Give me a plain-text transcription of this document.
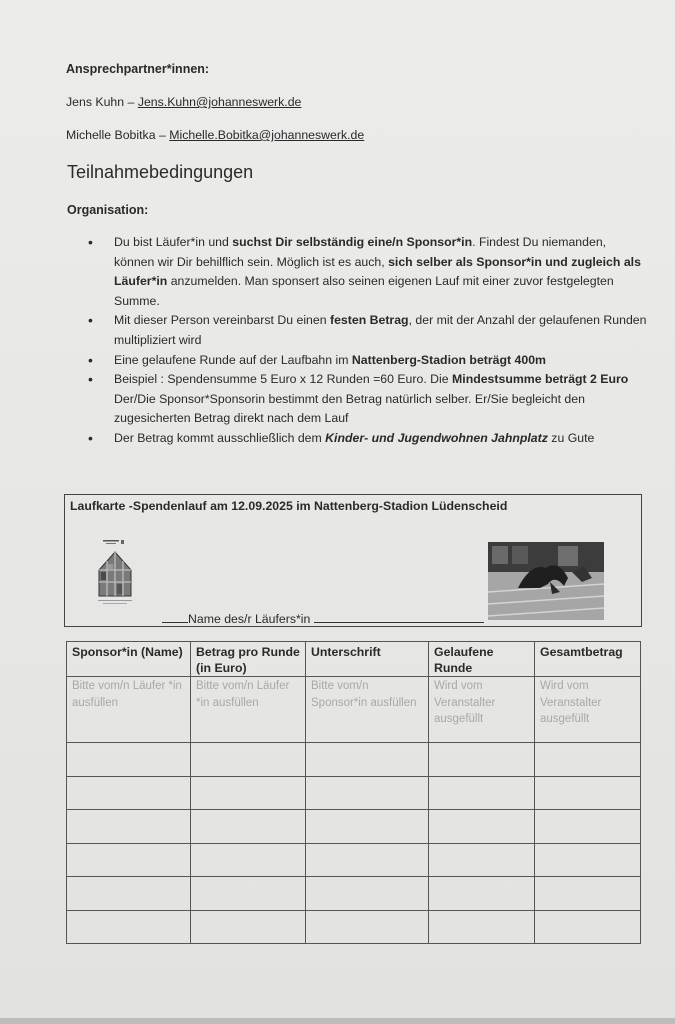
Ansprechpartner*innen:
Jens Kuhn – Jens.Kuhn@johanneswerk.de
Michelle Bobitka – Michelle.Bobitka@johanneswerk.de
Teilnahmebedingungen
Organisation:
• Du bist Läufer*in und suchst Dir selbständig eine/n Sponsor*in. Findest Du niemanden, können wir Dir behilflich sein. Möglich ist es auch, sich selber als Sponsor*in und zugleich als Läufer*in anzumelden. Man sponsert also seinen eigenen Lauf mit einer zuvor festgelegten Summe.
• Mit dieser Person vereinbarst Du einen festen Betrag, der mit der Anzahl der gelaufenen Runden multipliziert wird
• Eine gelaufene Runde auf der Laufbahn im Nattenberg-Stadion beträgt 400m
• Beispiel : Spendensumme 5 Euro x 12 Runden =60 Euro. Die Mindestsumme beträgt 2 Euro Der/Die Sponsor*Sponsorin bestimmt den Betrag natürlich selber. Er/Sie begleicht den zugesicherten Betrag direkt nach dem Lauf
• Der Betrag kommt ausschließlich dem Kinder- und Jugendwohnen Jahnplatz zu Gute
Laufkarte -Spendenlauf am 12.09.2025 im Nattenberg-Stadion Lüdenscheid
Name des/r Läufers*in
Sponsor*in (Name)	Betrag pro Runde (in Euro)	Unterschrift	Gelaufene Runde	Gesamtbetrag
Bitte vom/n Läufer *in ausfüllen	Bitte vom/n Läufer *in ausfüllen	Bitte vom/n Sponsor*in ausfüllen	Wird vom Veranstalter ausgefüllt	Wird vom Veranstalter ausgefüllt
